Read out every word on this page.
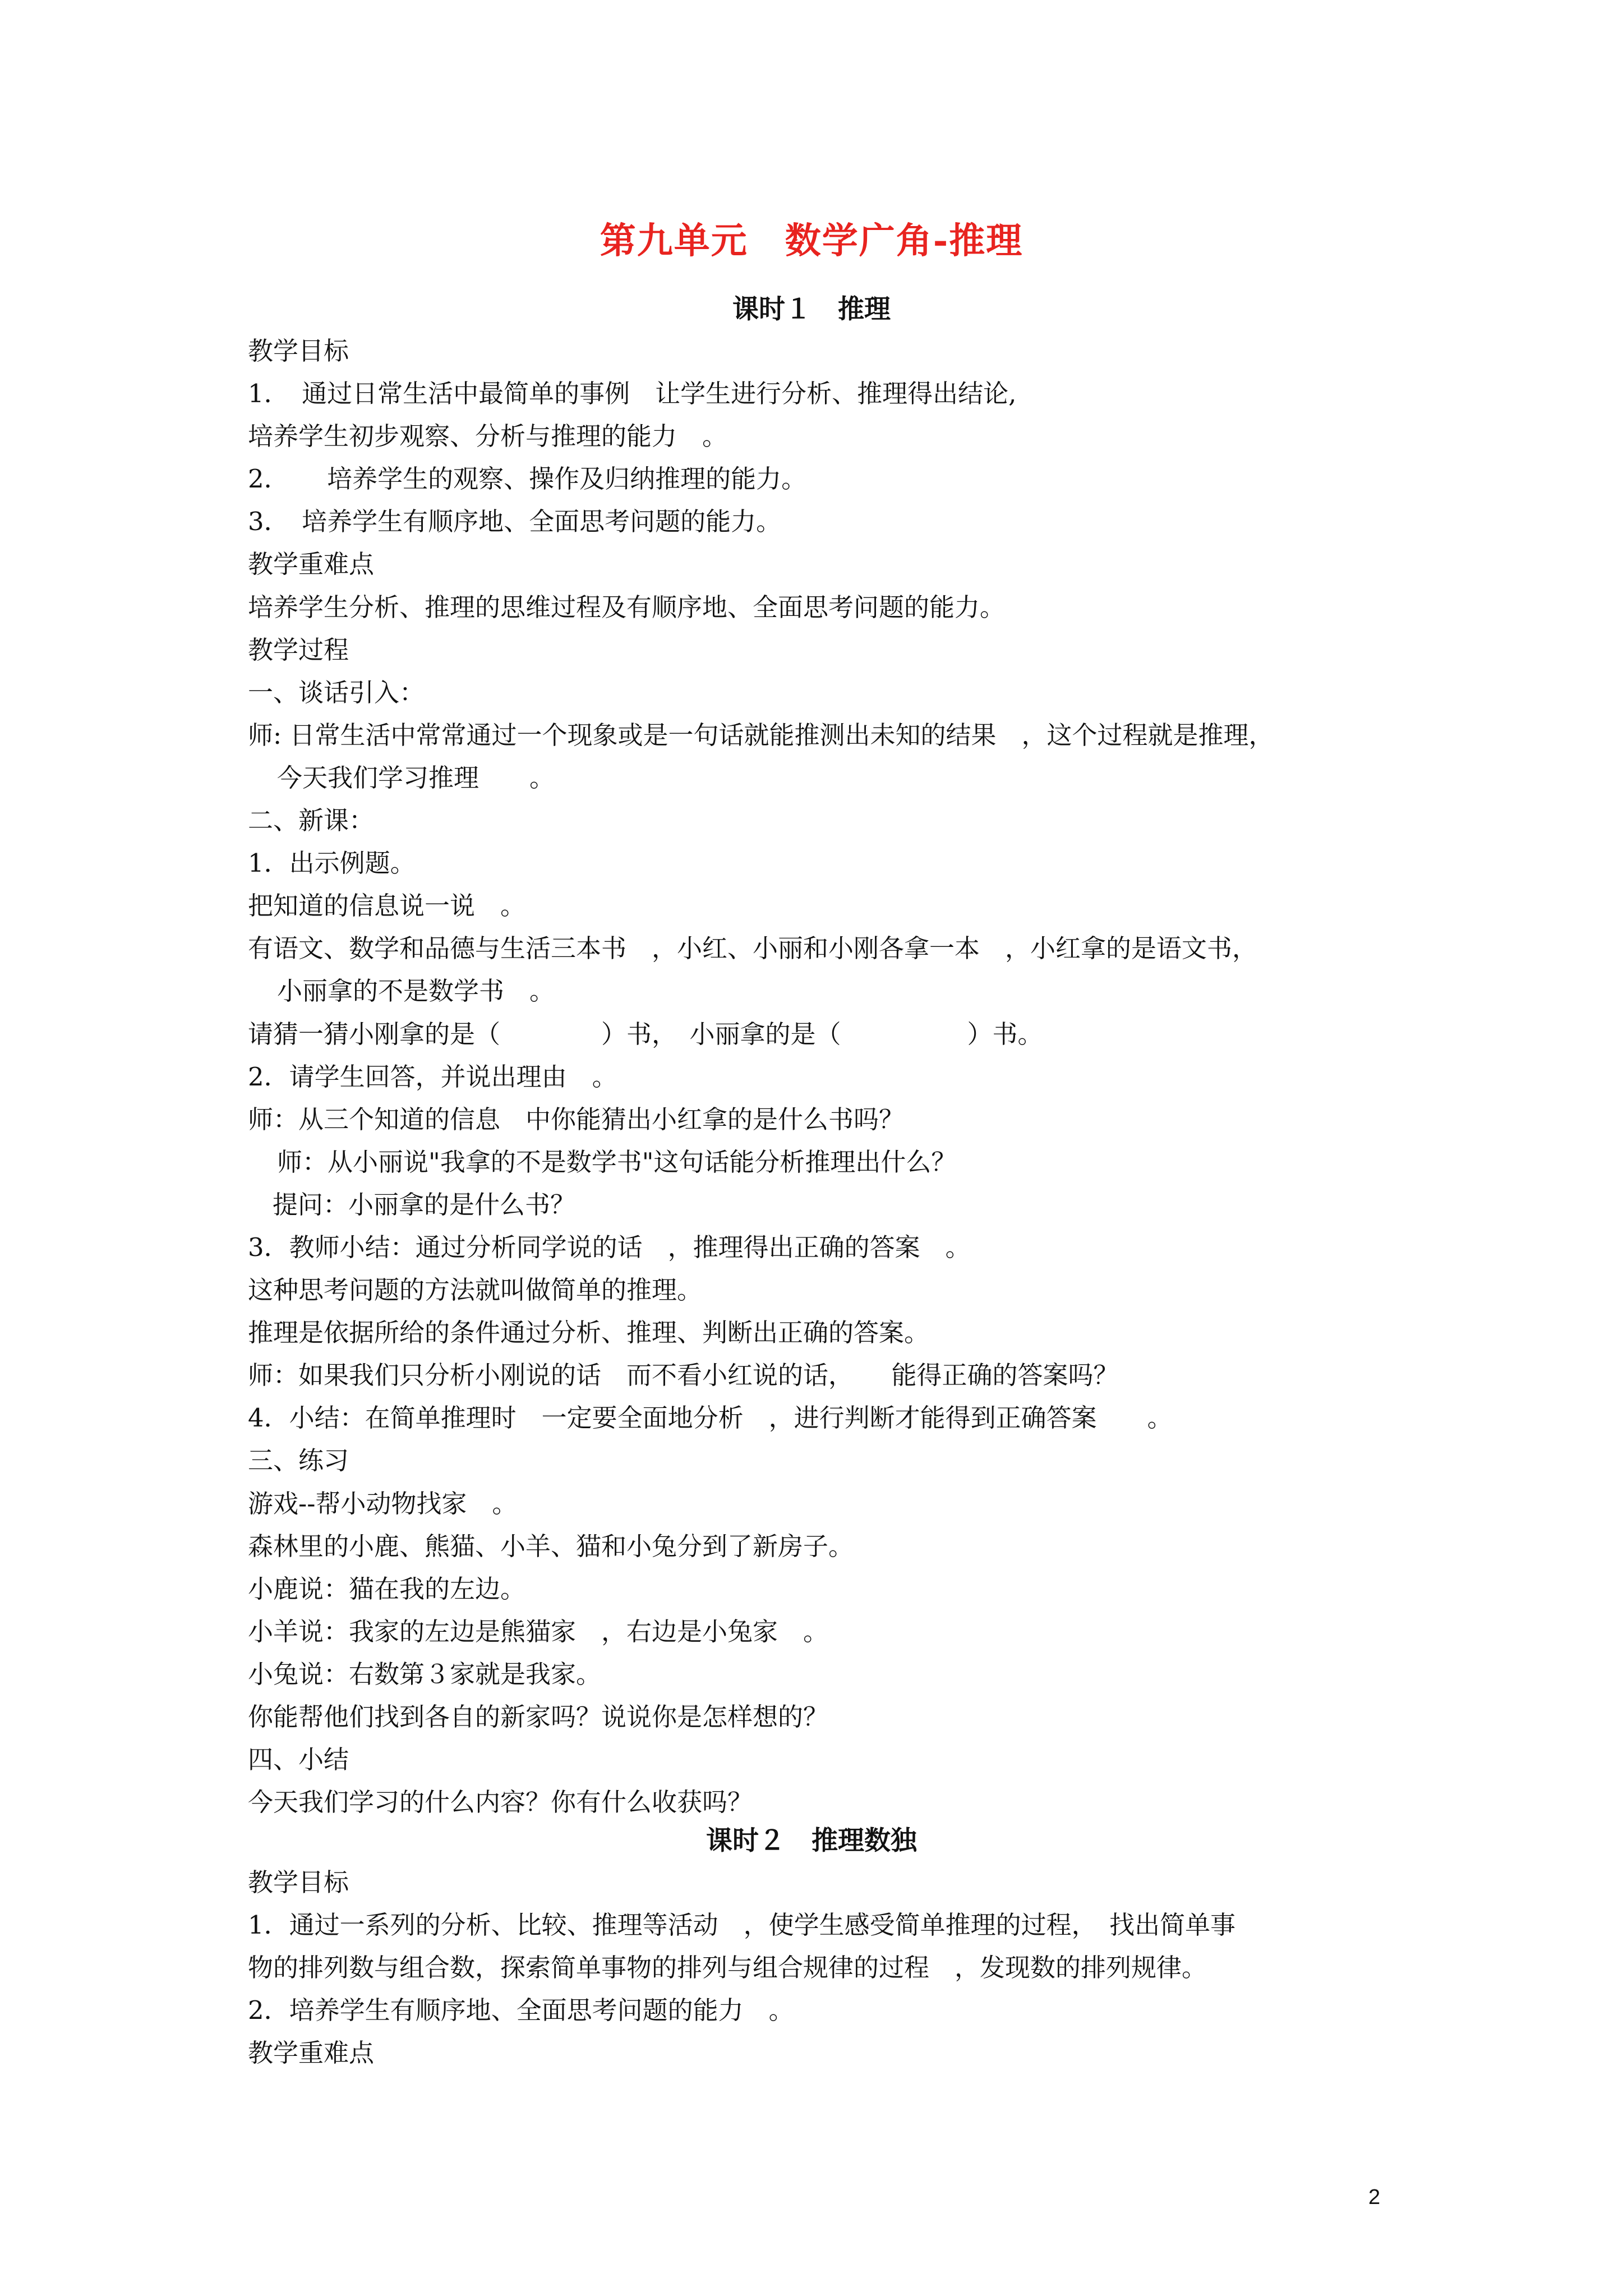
第九单元　数学广角-推理
课时１　推理
教学目标
1．　通过日常生活中最简单的事例　让学生进行分析、推理得出结论,
培养学生初步观察、分析与推理的能力　。
2．　　培养学生的观察、操作及归纳推理的能力。
3．　培养学生有顺序地、全面思考问题的能力。
教学重难点
培养学生分析、推理的思维过程及有顺序地、全面思考问题的能力。
教学过程
一、谈话引入：
师: 日常生活中常常通过一个现象或是一句话就能推测出未知的结果　，这个过程就是推理，
今天我们学习推理　　。
二、新课：
1．出示例题。
把知道的信息说一说　。
有语文、数学和品德与生活三本书　，小红、小丽和小刚各拿一本　，小红拿的是语文书，
小丽拿的不是数学书　。
请猜一猜小刚拿的是（　　　　）书，　小丽拿的是（　　　　　）书。
2．请学生回答，并说出理由　。
师：从三个知道的信息　中你能猜出小红拿的是什么书吗？
师：从小丽说"我拿的不是数学书"这句话能分析推理出什么？
提问：小丽拿的是什么书？
3．教师小结：通过分析同学说的话　，推理得出正确的答案　。
这种思考问题的方法就叫做简单的推理。
推理是依据所给的条件通过分析、推理、判断出正确的答案。
师：如果我们只分析小刚说的话　而不看小红说的话，　　能得正确的答案吗？
4．小结：在简单推理时　一定要全面地分析　，进行判断才能得到正确答案　　。
三、练习
游戏--帮小动物找家　。
森林里的小鹿、熊猫、小羊、猫和小兔分到了新房子。
小鹿说：猫在我的左边。
小羊说：我家的左边是熊猫家　，右边是小兔家　。
小兔说：右数第３家就是我家。
你能帮他们找到各自的新家吗？说说你是怎样想的？
四、小结
今天我们学习的什么内容？你有什么收获吗？
课时２　推理数独
教学目标
1．通过一系列的分析、比较、推理等活动　，使学生感受简单推理的过程，　找出简单事
物的排列数与组合数，探索简单事物的排列与组合规律的过程　，发现数的排列规律。
2．培养学生有顺序地、全面思考问题的能力　。
教学重难点
2
